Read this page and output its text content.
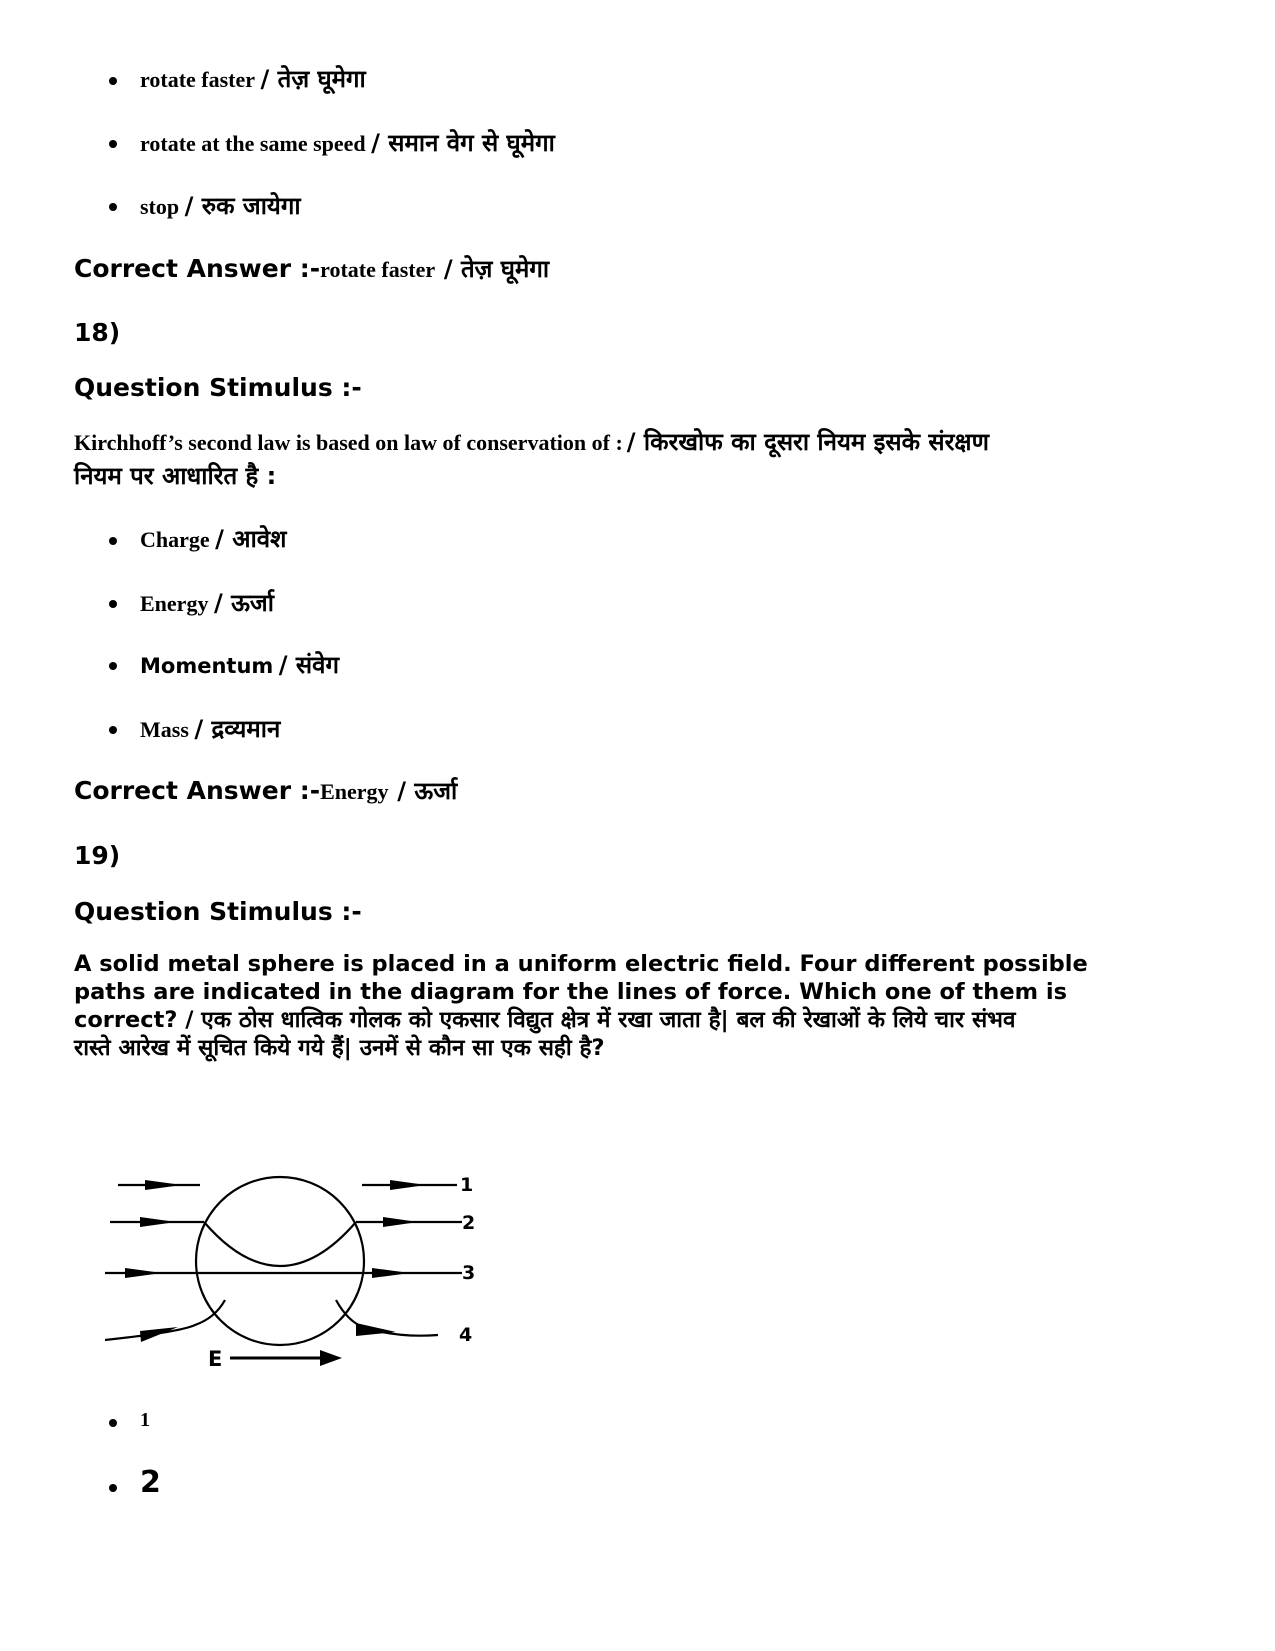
rotate faster / तेज़ घूमेगा
rotate at the same speed / समान वेग से घूमेगा
stop / रुक जायेगा
Correct Answer :-rotate faster / तेज़ घूमेगा
18)
Question Stimulus :-
Kirchhoff’s second law is based on law of conservation of : / किरखोफ का दूसरा नियम इसके संरक्षण
नियम पर आधारित है :
Charge / आवेश
Energy / ऊर्जा
Momentum / संवेग
Mass / द्रव्यमान
Correct Answer :-Energy / ऊर्जा
19)
Question Stimulus :-
A solid metal sphere is placed in a uniform electric field. Four different possible
paths are indicated in the diagram for the lines of force. Which one of them is
correct? / एक ठोस धात्विक गोलक को एकसार विद्युत क्षेत्र में रखा जाता है| बल की रेखाओं के लिये चार संभव
रास्ते आरेख में सूचित किये गये हैं| उनमें से कौन सा एक सही है?
1
2
3
4
E
1
2
